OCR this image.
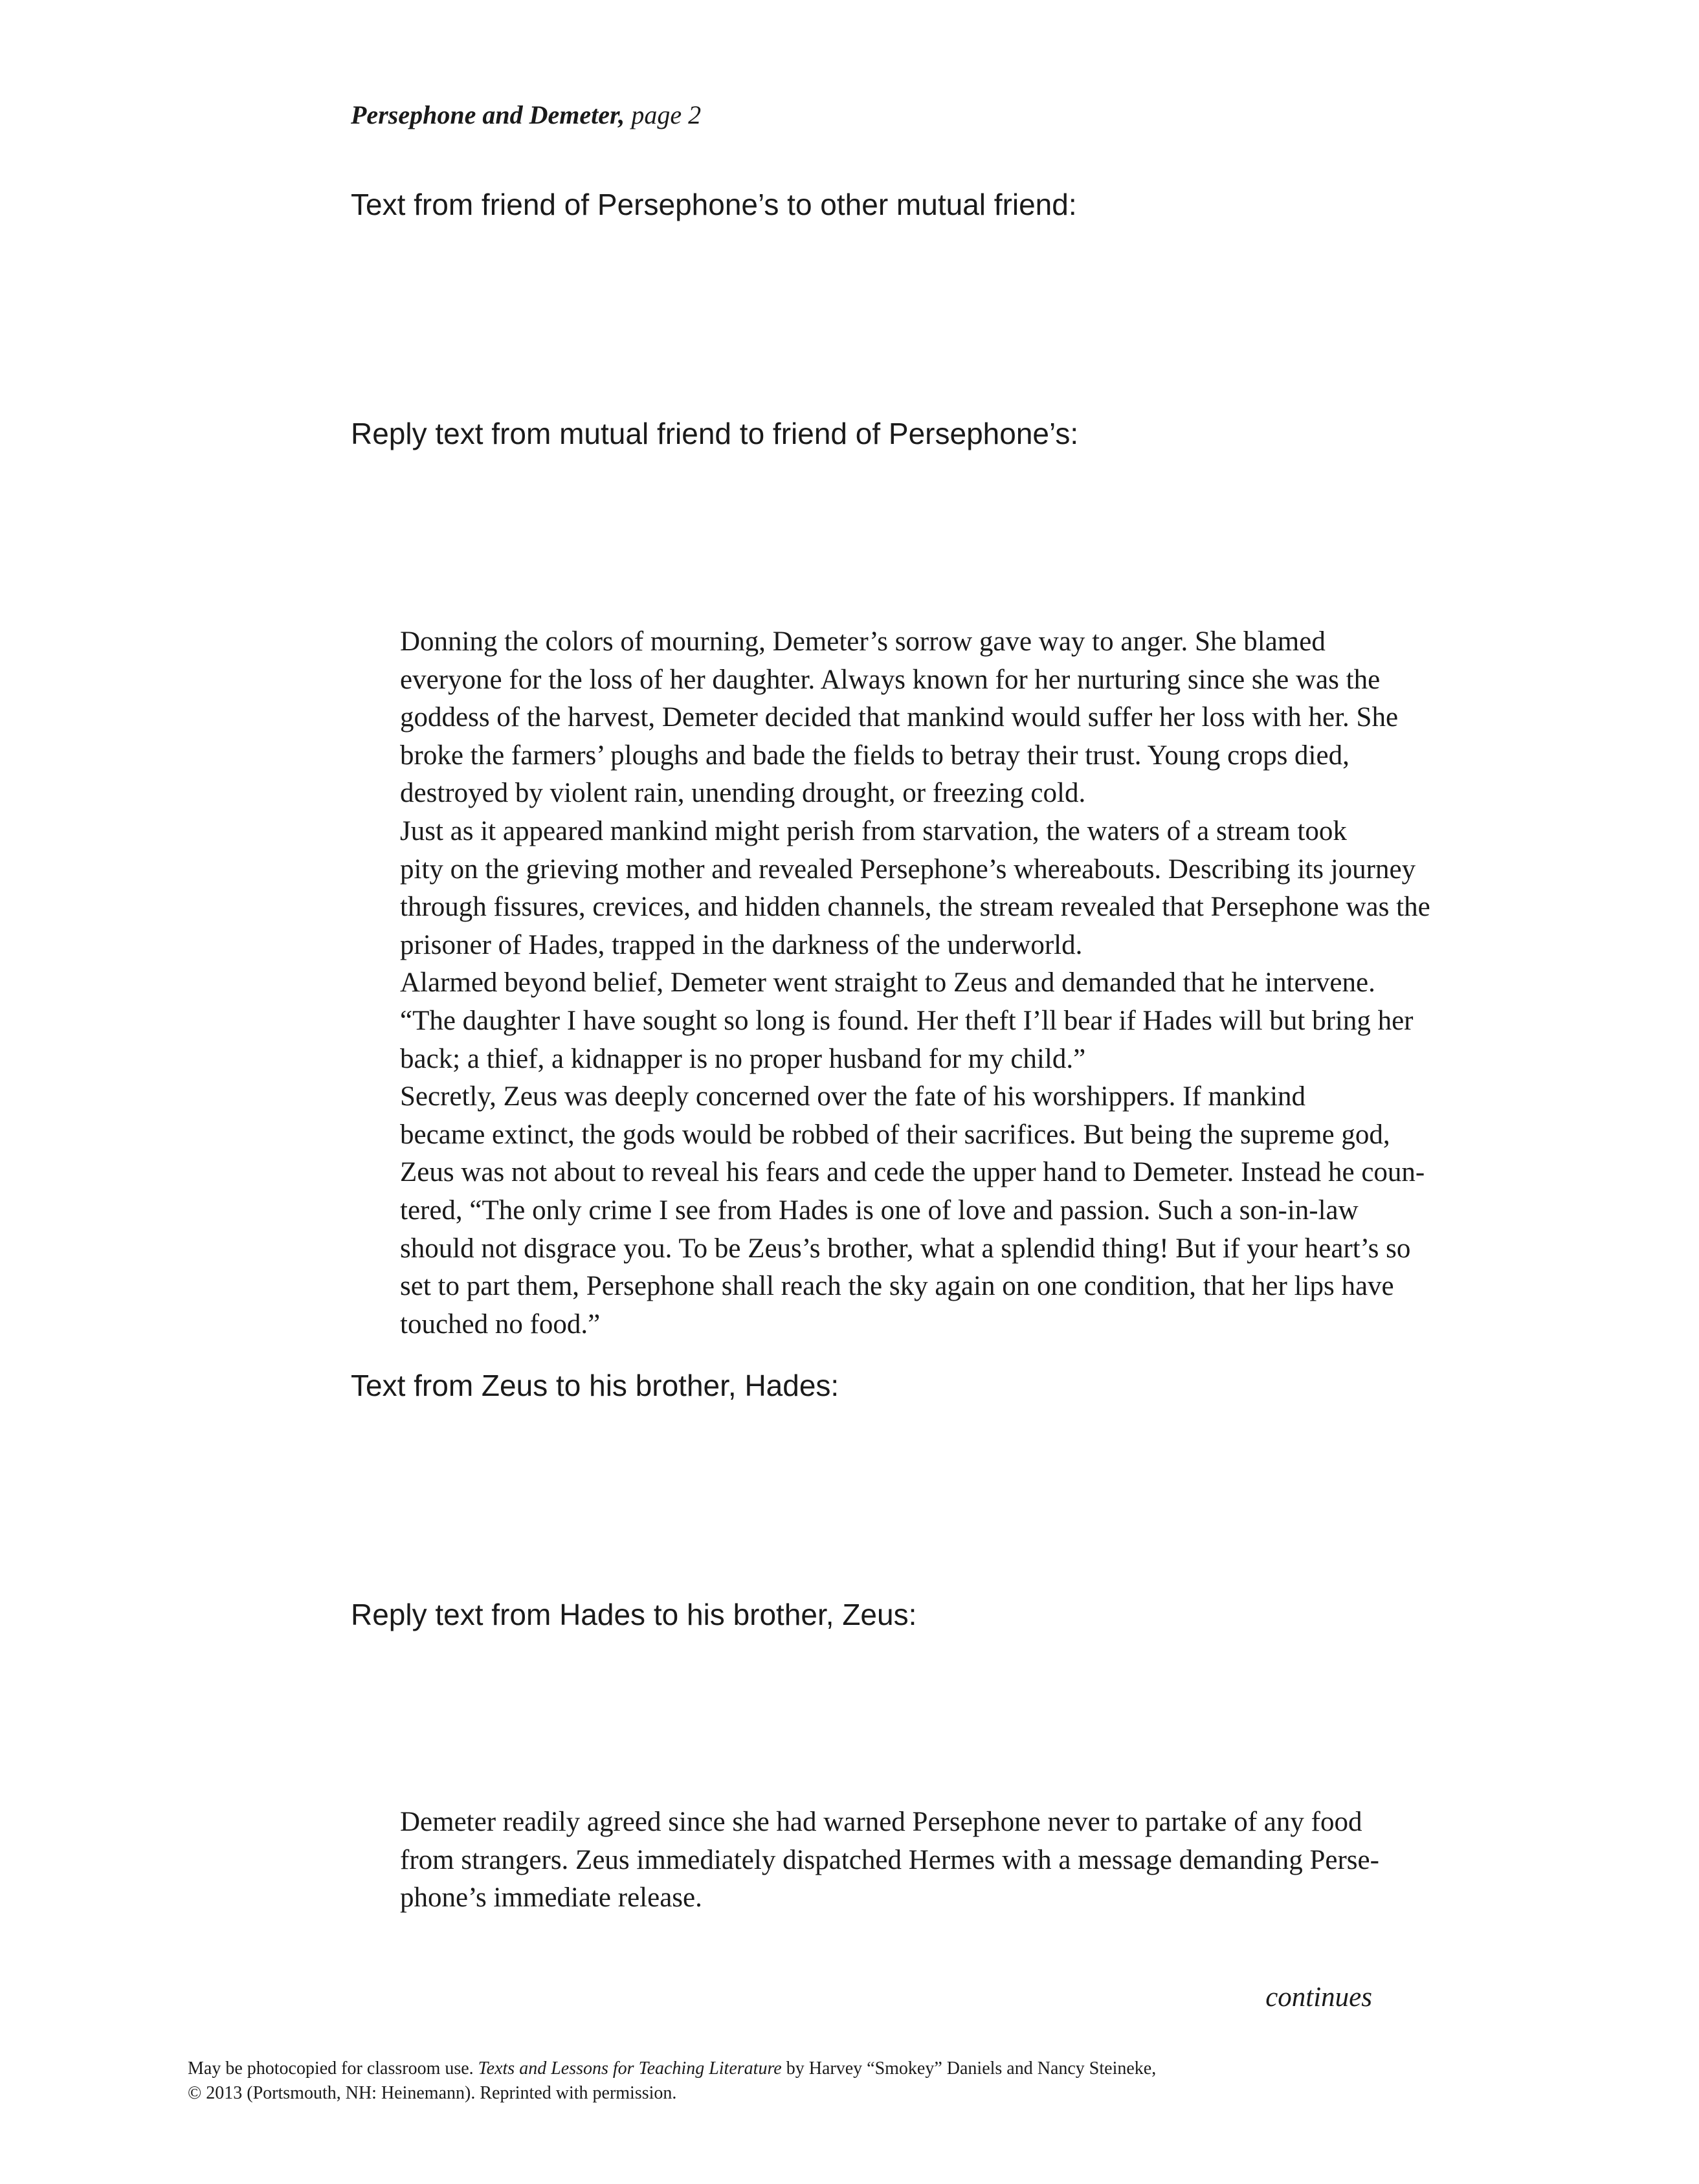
Persephone and Demeter, page 2
Text from friend of Persephone’s to other mutual friend:
Reply text from mutual friend to friend of Persephone’s:

Donning the colors of mourning, Demeter’s sorrow gave way to anger. She blamed
everyone for the loss of her daughter. Always known for her nurturing since she was the
goddess of the harvest, Demeter decided that mankind would suffer her loss with her. She
broke the farmers’ ploughs and bade the fields to betray their trust. Young crops died,
destroyed by violent rain, unending drought, or freezing cold.

Just as it appeared mankind might perish from starvation, the waters of a stream took
pity on the grieving mother and revealed Persephone’s whereabouts. Describing its journey
through fissures, crevices, and hidden channels, the stream revealed that Persephone was the
prisoner of Hades, trapped in the darkness of the underworld.

Alarmed beyond belief, Demeter went straight to Zeus and demanded that he intervene.
“The daughter I have sought so long is found. Her theft I’ll bear if Hades will but bring her
back; a thief, a kidnapper is no proper husband for my child.”

Secretly, Zeus was deeply concerned over the fate of his worshippers. If mankind
became extinct, the gods would be robbed of their sacrifices. But being the supreme god,
Zeus was not about to reveal his fears and cede the upper hand to Demeter. Instead he coun-
tered, “The only crime I see from Hades is one of love and passion. Such a son-in-law
should not disgrace you. To be Zeus’s brother, what a splendid thing! But if your heart’s so
set to part them, Persephone shall reach the sky again on one condition, that her lips have
touched no food.”

Text from Zeus to his brother, Hades:
Reply text from Hades to his brother, Zeus:

Demeter readily agreed since she had warned Persephone never to partake of any food
from strangers. Zeus immediately dispatched Hermes with a message demanding Perse-
phone’s immediate release.

continues
May be photocopied for classroom use. Texts and Lessons for Teaching Literature by Harvey “Smokey” Daniels and Nancy Steineke,
© 2013 (Portsmouth, NH: Heinemann). Reprinted with permission.
